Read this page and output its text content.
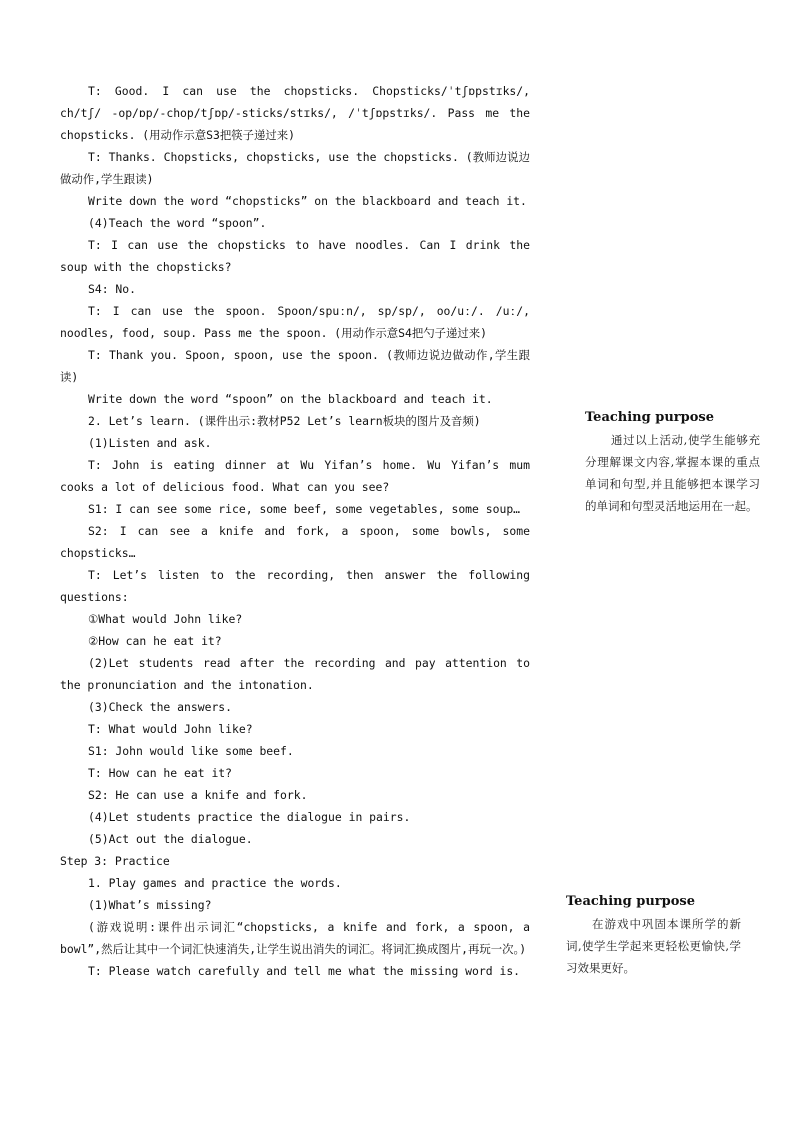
T: Good. I can use the chopsticks. Chopsticks/ˈtʃɒpstɪks/, ch/tʃ/ -op/ɒp/-chop/tʃɒp/-sticks/stɪks/, /ˈtʃɒpstɪks/. Pass me the chopsticks. (用动作示意S3把筷子递过来)

T: Thanks. Chopsticks, chopsticks, use the chopsticks. (教师边说边做动作,学生跟读)

Write down the word “chopsticks” on the blackboard and teach it.

(4)Teach the word “spoon”.

T: I can use the chopsticks to have noodles. Can I drink the soup with the chopsticks?

S4: No.

T: I can use the spoon. Spoon/spuːn/, sp/sp/, oo/uː/. /uː/, noodles, food, soup. Pass me the spoon. (用动作示意S4把勺子递过来)

T: Thank you. Spoon, spoon, use the spoon. (教师边说边做动作,学生跟读)

Write down the word “spoon” on the blackboard and teach it.

2. Let’s learn. (课件出示:教材P52 Let’s learn板块的图片及音频)

(1)Listen and ask.

T: John is eating dinner at Wu Yifan’s home. Wu Yifan’s mum cooks a lot of delicious food. What can you see?

S1: I can see some rice, some beef, some vegetables, some soup…

S2: I can see a knife and fork, a spoon, some bowls, some chopsticks…

T: Let’s listen to the recording, then answer the following questions:

①What would John like?

②How can he eat it?

(2)Let students read after the recording and pay attention to the pronunciation and the intonation.

(3)Check the answers.

T: What would John like?

S1: John would like some beef.

T: How can he eat it?

S2: He can use a knife and fork.

(4)Let students practice the dialogue in pairs.

(5)Act out the dialogue.

Step 3: Practice

1. Play games and practice the words.

(1)What’s missing?

(游戏说明:课件出示词汇“chopsticks, a knife and fork, a spoon, a bowl”,然后让其中一个词汇快速消失,让学生说出消失的词汇。将词汇换成图片,再玩一次。)

T: Please watch carefully and tell me what the missing word is.

Teaching purpose

通过以上活动,使学生能够充分理解课文内容,掌握本课的重点单词和句型,并且能够把本课学习的单词和句型灵活地运用在一起。

Teaching purpose

在游戏中巩固本课所学的新词,使学生学起来更轻松更愉快,学习效果更好。
